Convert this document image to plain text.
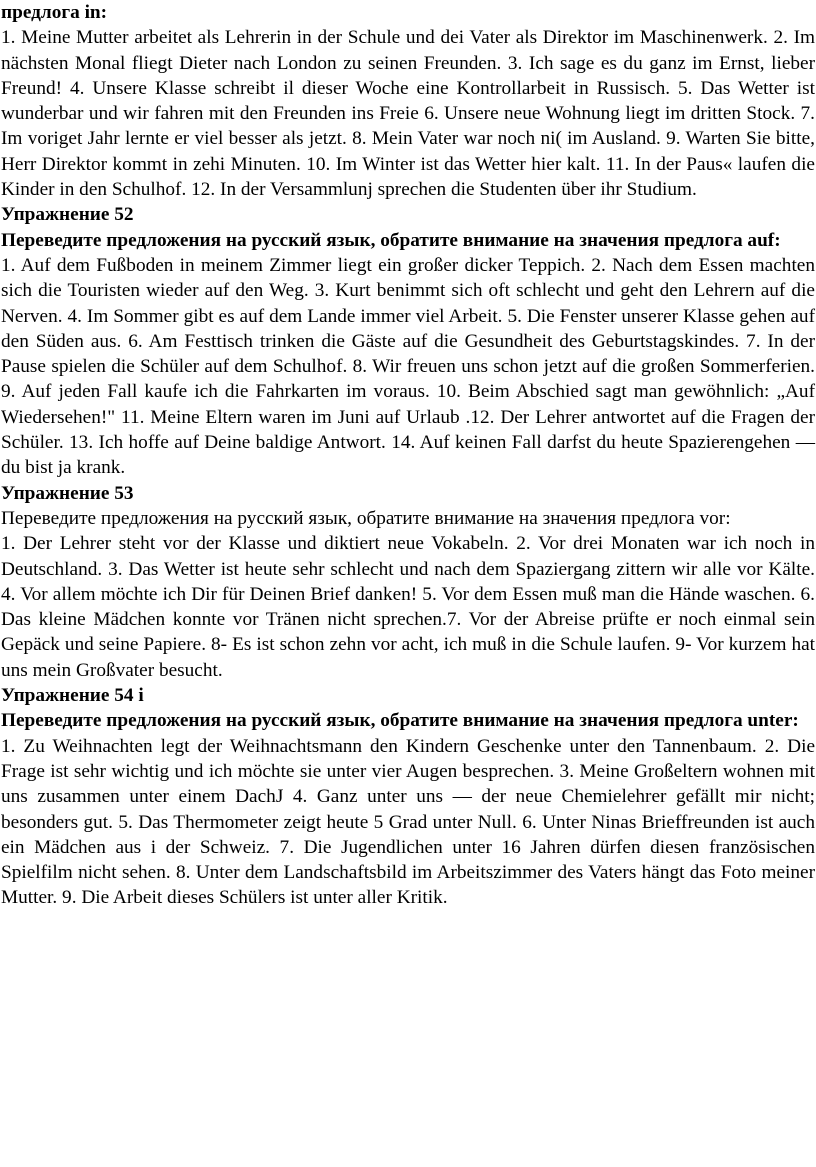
предлога in:

1. Meine Mutter arbeitet als Lehrerin in der Schule und dei Vater als Direktor im Maschinenwerk. 2. Im nächsten Monal fliegt Dieter nach London zu seinen Freunden. 3. Ich sage es du ganz im Ernst, lieber Freund! 4. Unsere Klasse schreibt il dieser Woche eine Kontrollarbeit in Russisch. 5. Das Wetter ist wunderbar und wir fahren mit den Freunden ins Freie 6. Unsere neue Wohnung liegt im dritten Stock. 7. Im voriget Jahr lernte er viel besser als jetzt. 8. Mein Vater war noch ni( im Ausland. 9. Warten Sie bitte, Herr Direktor kommt in zehi Minuten. 10. Im Winter ist das Wetter hier kalt. 11. In der Paus« laufen die Kinder in den Schulhof. 12. In der Versammlunj sprechen die Studenten über ihr Studium.

Упражнение 52

Переведите предложения на русский язык, обратите внимание на значения предлога auf:

1. Auf dem Fußboden in meinem Zimmer liegt ein großer dicker Teppich. 2. Nach dem Essen machten sich die Touristen wieder auf den Weg. 3. Kurt benimmt sich oft schlecht und geht den Lehrern auf die Nerven. 4. Im Sommer gibt es auf dem Lande immer viel Arbeit. 5. Die Fenster unserer Klasse gehen auf den Süden aus. 6. Am Festtisch trinken die Gäste auf die Gesundheit des Geburtstagskindes. 7. In der Pause spielen die Schüler auf dem Schulhof. 8. Wir freuen uns schon jetzt auf die großen Sommerferien. 9. Auf jeden Fall kaufe ich die Fahrkarten im voraus. 10. Beim Abschied sagt man gewöhnlich: „Auf Wiedersehen!" 11. Meine Eltern waren im Juni auf Urlaub .12. Der Lehrer antwortet auf die Fragen der Schüler. 13. Ich hoffe auf Deine baldige Antwort. 14. Auf keinen Fall darfst du heute Spazierengehen — du bist ja krank.

Упражнение 53

Переведите предложения на русский язык, обратите внимание на значения предлога vor:

1. Der Lehrer steht vor der Klasse und diktiert neue Vokabeln. 2. Vor drei Monaten war ich noch in Deutschland. 3. Das Wetter ist heute sehr schlecht und nach dem Spaziergang zittern wir alle vor Kälte. 4. Vor allem möchte ich Dir für Deinen Brief danken! 5. Vor dem Essen muß man die Hände waschen. 6. Das kleine Mädchen konnte vor Tränen nicht sprechen.7. Vor der Abreise prüfte er noch einmal sein Gepäck und seine Papiere. 8- Es ist schon zehn vor acht, ich muß in die Schule laufen. 9- Vor kurzem hat uns mein Großvater besucht.

Упражнение 54 i

Переведите предложения на русский язык, обратите внимание на значения предлога unter:

1. Zu Weihnachten legt der Weihnachtsmann den Kindern Geschenke unter den Tannenbaum. 2. Die Frage ist sehr wichtig und ich möchte sie unter vier Augen besprechen. 3. Meine Großeltern wohnen mit uns zusammen unter einem DachJ 4. Ganz unter uns — der neue Chemielehrer gefällt mir nicht; besonders gut. 5. Das Thermometer zeigt heute 5 Grad unter Null. 6. Unter Ninas Brieffreunden ist auch ein Mädchen aus i der Schweiz. 7. Die Jugendlichen unter 16 Jahren dürfen diesen französischen Spielfilm nicht sehen. 8. Unter dem Landschaftsbild im Arbeitszimmer des Vaters hängt das Foto meiner Mutter. 9. Die Arbeit dieses Schülers ist unter aller Kritik.
